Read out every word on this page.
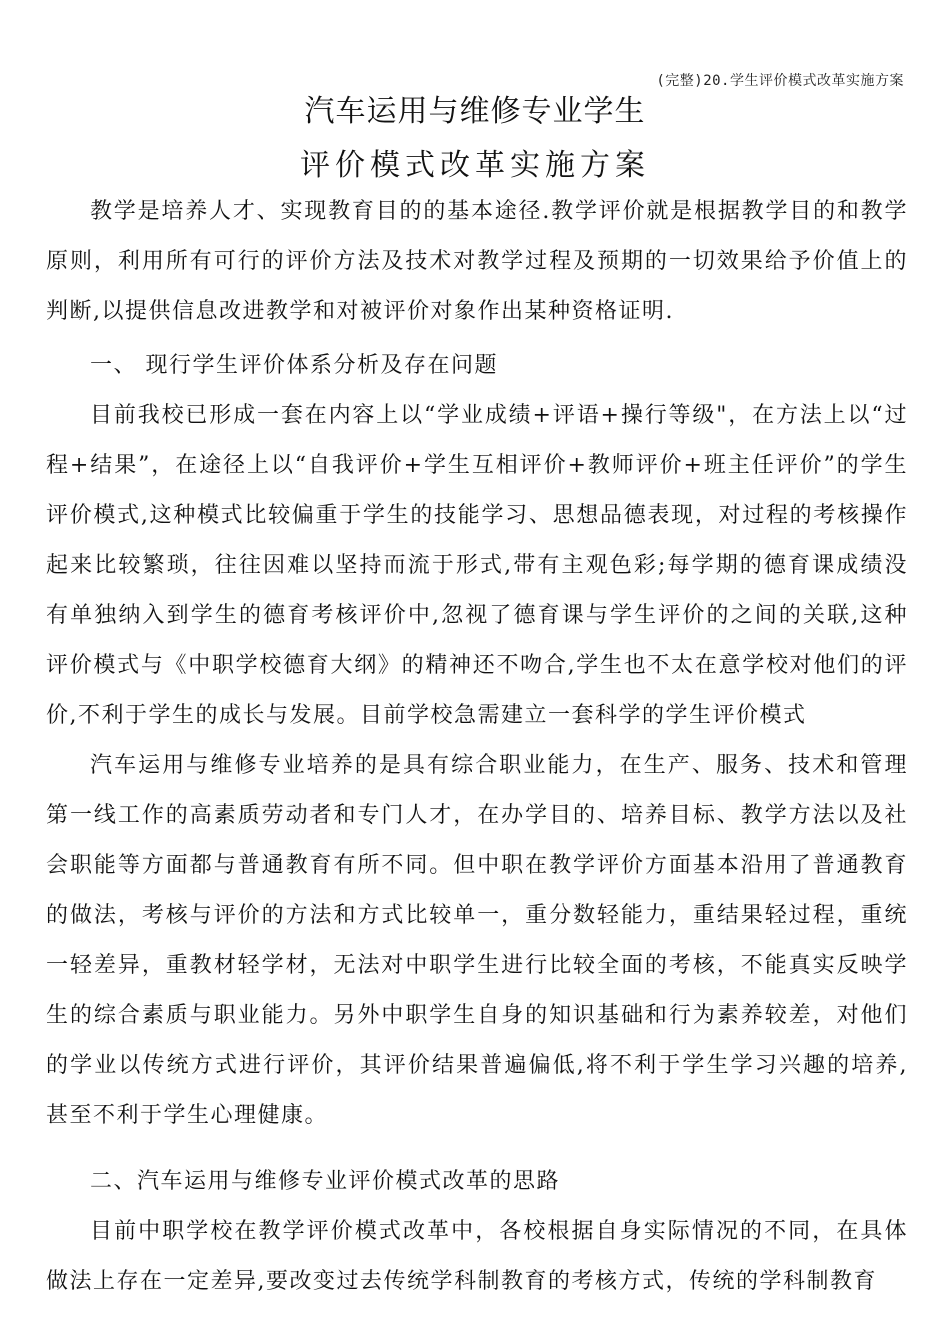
(完整)20.学生评价模式改革实施方案
汽车运用与维修专业学生
评价模式改革实施方案

教学是培养人才、实现教育目的的基本途径.教学评价就是根据教学目的和教学原则，利用所有可行的评价方法及技术对教学过程及预期的一切效果给予价值上的判断,以提供信息改进教学和对被评价对象作出某种资格证明.

一、 现行学生评价体系分析及存在问题

目前我校已形成一套在内容上以“学业成绩+评语+操行等级"，在方法上以“过程+结果”，在途径上以“自我评价+学生互相评价+教师评价+班主任评价”的学生评价模式,这种模式比较偏重于学生的技能学习、思想品德表现，对过程的考核操作起来比较繁琐，往往因难以坚持而流于形式,带有主观色彩;每学期的德育课成绩没有单独纳入到学生的德育考核评价中,忽视了德育课与学生评价的之间的关联,这种评价模式与《中职学校德育大纲》的精神还不吻合,学生也不太在意学校对他们的评价,不利于学生的成长与发展。目前学校急需建立一套科学的学生评价模式

汽车运用与维修专业培养的是具有综合职业能力，在生产、服务、技术和管理第一线工作的高素质劳动者和专门人才，在办学目的、培养目标、教学方法以及社会职能等方面都与普通教育有所不同。但中职在教学评价方面基本沿用了普通教育的做法，考核与评价的方法和方式比较单一，重分数轻能力，重结果轻过程，重统一轻差异，重教材轻学材，无法对中职学生进行比较全面的考核，不能真实反映学生的综合素质与职业能力。另外中职学生自身的知识基础和行为素养较差，对他们的学业以传统方式进行评价，其评价结果普遍偏低,将不利于学生学习兴趣的培养,甚至不利于学生心理健康。

二、汽车运用与维修专业评价模式改革的思路

目前中职学校在教学评价模式改革中，各校根据自身实际情况的不同，在具体做法上存在一定差异,要改变过去传统学科制教育的考核方式，传统的学科制教育
